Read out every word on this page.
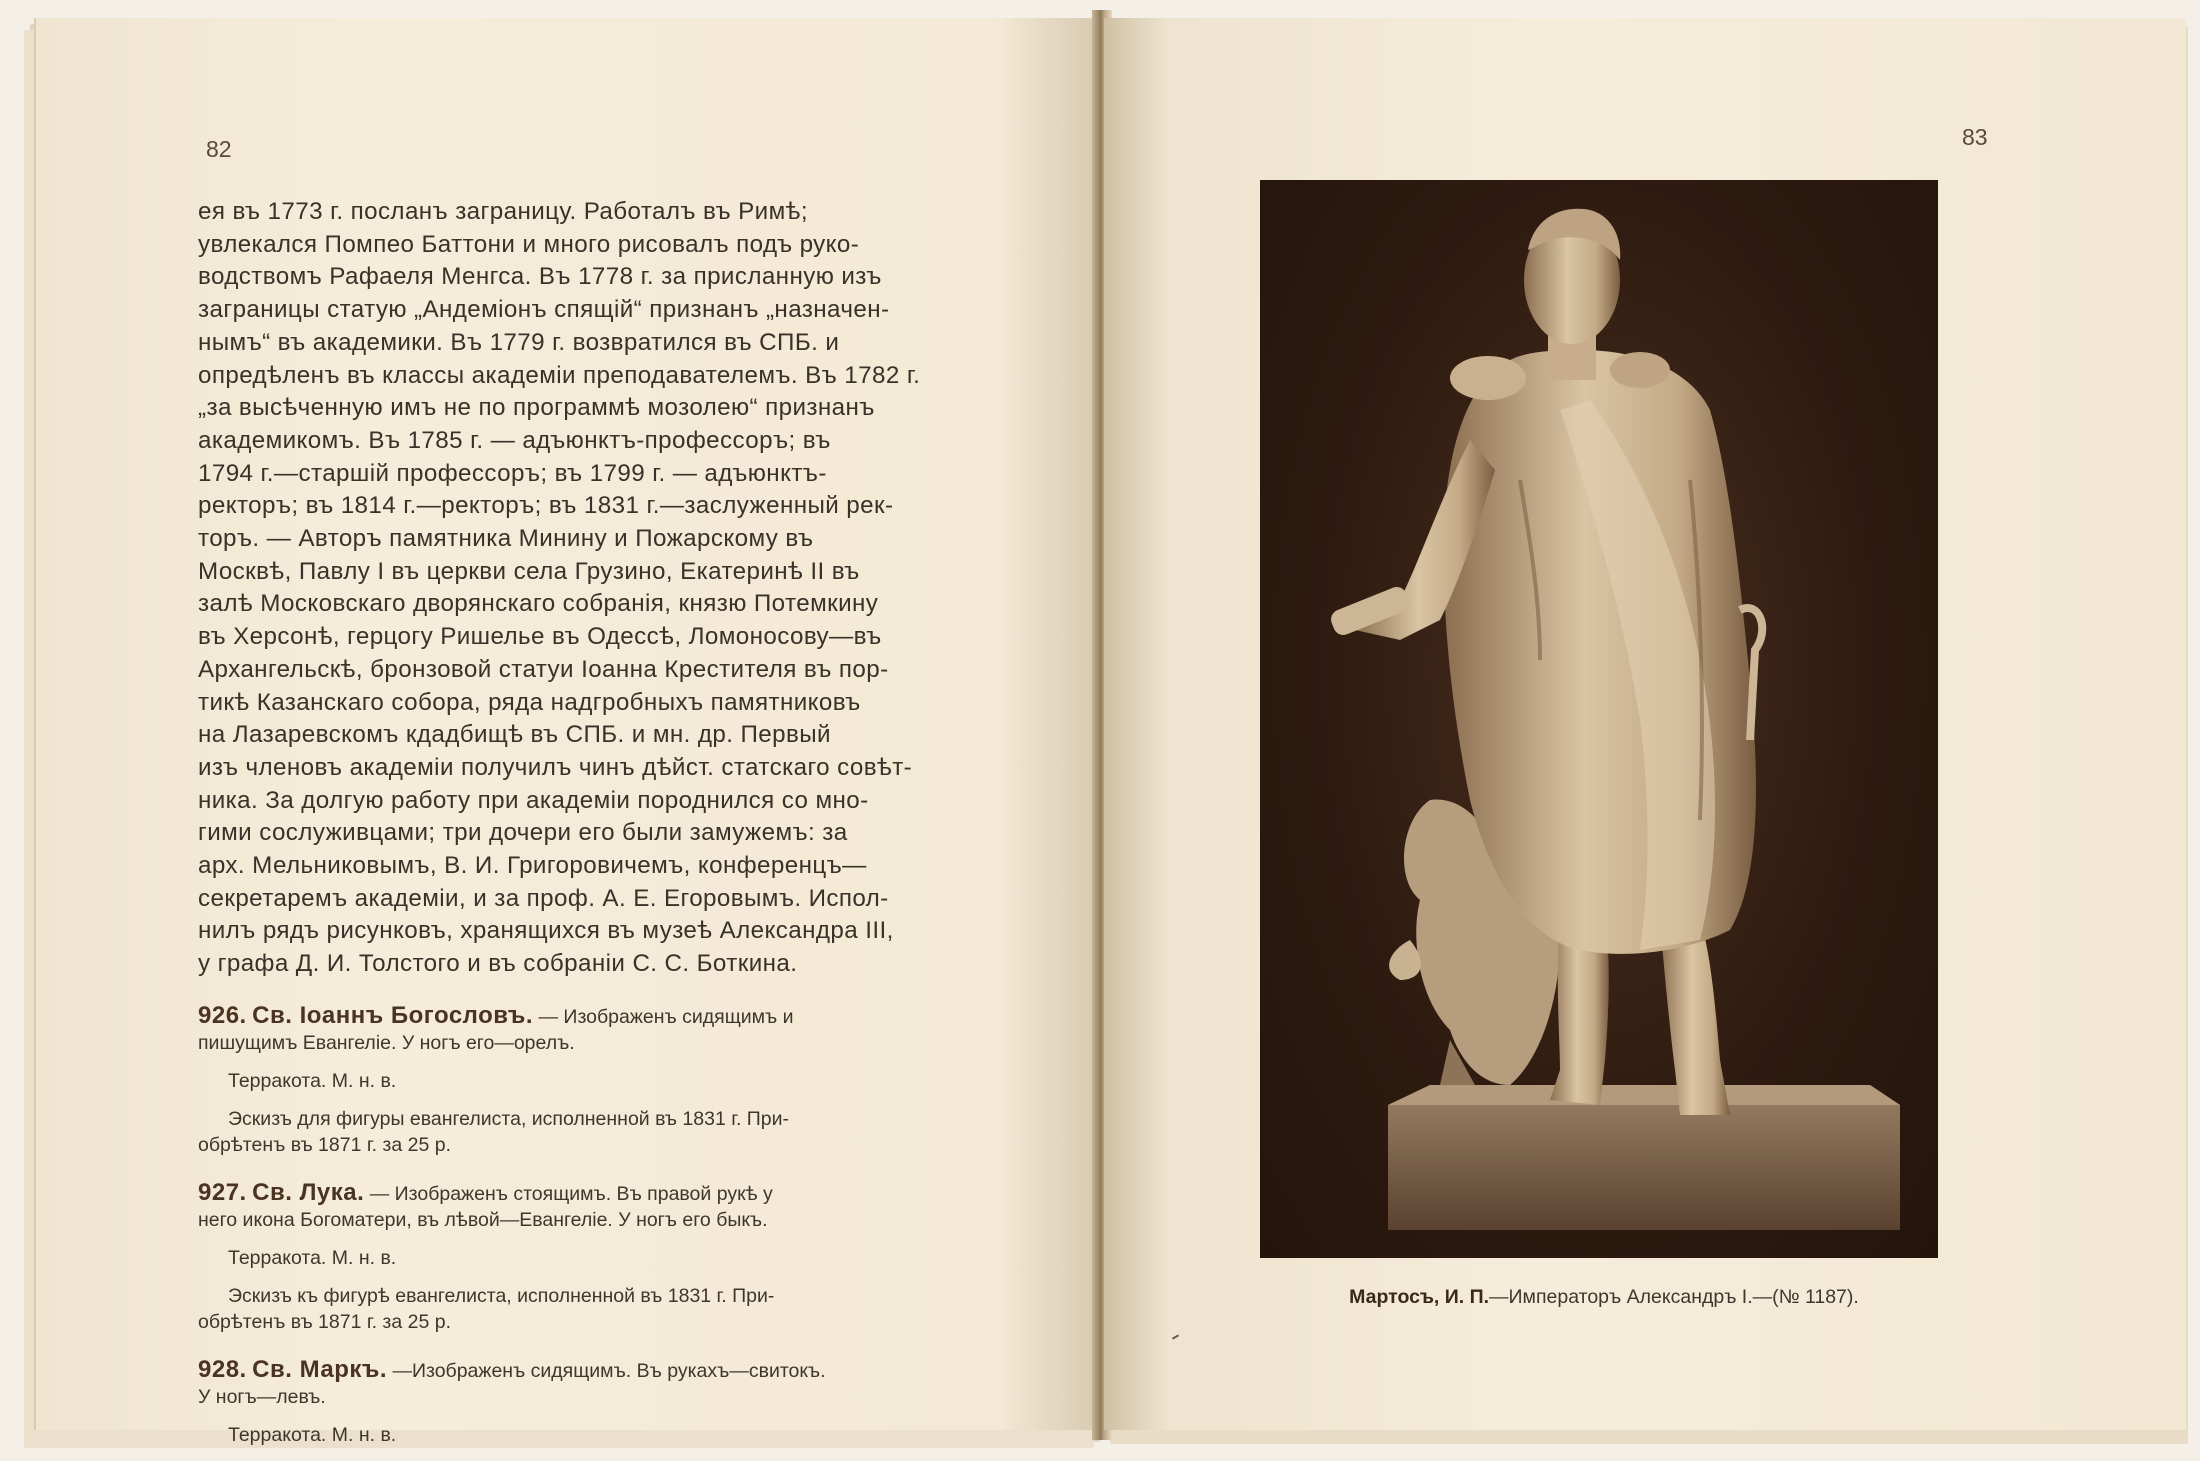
82
ея въ 1773 г. посланъ заграницу. Работалъ въ Римѣ;
увлекался Помпео Баттони и много рисовалъ подъ руко-
водствомъ Рафаеля Менгса. Въ 1778 г. за присланную изъ
заграницы статую „Андеміонъ спящій“ признанъ „назначен-
нымъ“ въ академики. Въ 1779 г. возвратился въ СПБ. и
опредѣленъ въ классы академіи преподавателемъ. Въ 1782 г.
„за высѣченную имъ не по программѣ мозолею“ признанъ
академикомъ. Въ 1785 г. — адъюнктъ-профессоръ; въ
1794 г.—старшій профессоръ; въ 1799 г. — адъюнктъ-
ректоръ; въ 1814 г.—ректоръ; въ 1831 г.—заслуженный рек-
торъ. — Авторъ памятника Минину и Пожарскому въ
Москвѣ, Павлу I въ церкви села Грузино, Екатеринѣ II въ
залѣ Московскаго дворянскаго собранія, князю Потемкину
въ Херсонѣ, герцогу Ришелье въ Одессѣ, Ломоносову—въ
Архангельскѣ, бронзовой статуи Іоанна Крестителя въ пор-
тикѣ Казанскаго собора, ряда надгробныхъ памятниковъ
на Лазаревскомъ кдадбищѣ въ СПБ. и мн. др. Первый
изъ членовъ академіи получилъ чинъ дѣйст. статскаго совѣт-
ника. За долгую работу при академіи породнился со мно-
гими сослуживцами; три дочери его были замужемъ: за
арх. Мельниковымъ, В. И. Григоровичемъ, конференцъ—
секретаремъ академіи, и за проф. А. Е. Егоровымъ. Испол-
нилъ рядъ рисунковъ, хранящихся въ музеѣ Александра III,
у графа Д. И. Толстого и въ собраніи С. С. Боткина.
926. Св. Іоаннъ Богословъ. — Изображенъ сидящимъ и
пишущимъ Евангеліе. У ногъ его—орелъ.
Терракота. М. н. в.
Эскизъ для фигуры евангелиста, исполненной въ 1831 г. При-
обрѣтенъ въ 1871 г. за 25 р.
927. Св. Лука. — Изображенъ стоящимъ. Въ правой рукѣ у
него икона Богоматери, въ лѣвой—Евангеліе. У ногъ его быкъ.
Терракота. М. н. в.
Эскизъ къ фигурѣ евангелиста, исполненной въ 1831 г. При-
обрѣтенъ въ 1871 г. за 25 р.
928. Св. Маркъ. —Изображенъ сидящимъ. Въ рукахъ—свитокъ.
У ногъ—левъ.
Терракота. М. н. в.
83
Мартосъ, И. П.—Императоръ Александръ I.—(№ 1187).
